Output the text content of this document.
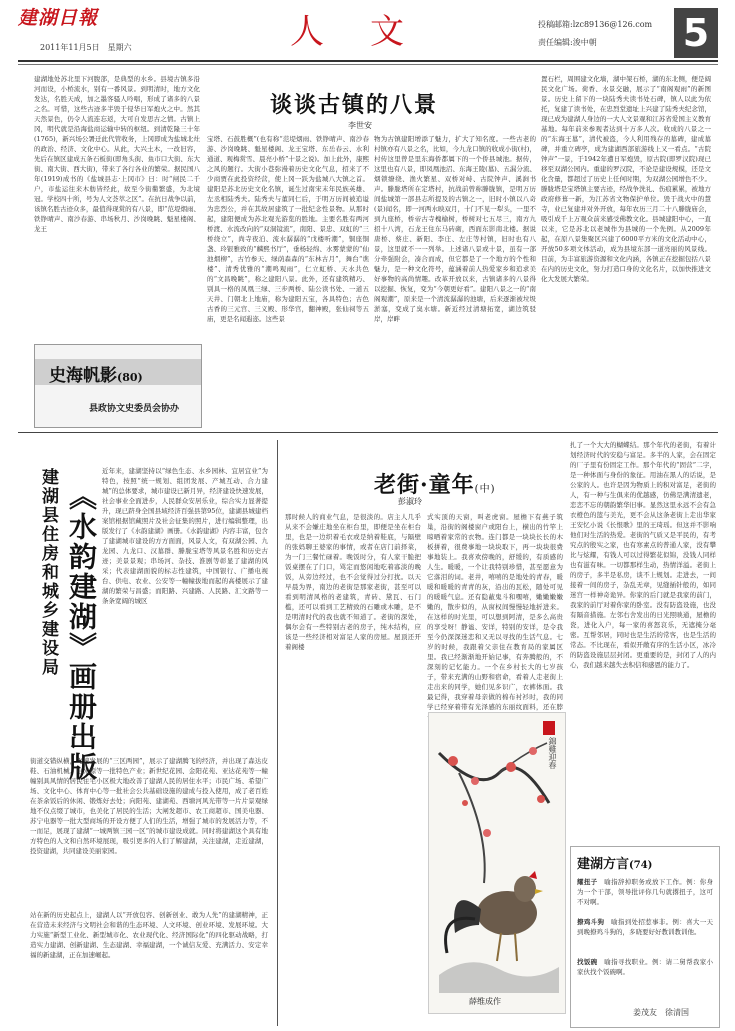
建湖日報
2011年11月5日　星期六	人　文	投稿邮箱:lzc89136@126.com
责任编辑:浚中朝 5
谈谈古镇的八景
李世安
建湖地处苏北里下河腹部，是典型的水乡。县境古镇多沿河而设，小桥流水，别有一番风景。到明清时，地方文化发达，名胜天成，加之墨客骚人吟唱，形成了诸多的八景之名。可惜，这些古迹多半毁于侵华日军炮火之中。然其天然景色，仍令人流连忘返，大可自发思古之情。古镇上冈，明代就是沿海盐商运输中转的枢纽。到清乾隆三十年(1765)，新兴场公署迁此代管收务，上冈即成为盐城北灶的政治、经济、文化中心。从此，大兴土木，一改旧容，先后在镇区建成五条石板街(即角头街、鱼市口大街、东大街、南大街、西大街)，带来了各行各业的繁荣。据民国八年(1919)成书的《盐城县志·上冈市》曰：时“闸民二千户，市盐运往来木舫皆经此，故至今街衢繁盛，为北境冠。学校四十所，号为人文荟萃之区”。在抗日战争以前，该镇名胜古迹众多，最值得现赏的有八景，即“范堤烟雨、铁铮晴声、南沙春游、串场秋月、沙岗晚眺、魁星楼阁、龙王
宝塔、石鼓胜概”(也有称“范堤烟雨、铁铮晴声、南沙春游、沙岗晚眺、魁星楼阁、龙王宝塔、东岳春云、水利通道、观梅赏雪、晨亮小桥”十景之说)。加上此外，康熙之风的题行。大街小巷弥漫着历史文化气息，招来了不少商贾在此投资经营，使上冈一跃为盐城八大镇之首。建阳是苏北历史文化名镇，诞生过南宋末年民族英雄、左丞相陆秀夫。陆秀夫与董同仁后，于明万历间被追谥为忠烈公，并在其故居建筑了一批纪念性景物。从那时起，建阳便成为苏北观光游览的胜地。主要名胜有两河桥渡、水流改向的“双洞镜流”，南阳、景忠、双虹的“三桥绕立”，尚寺夜泊、流水潺潺的“戊楼听潮”，铜座铜盏、玲银雅致的“麟熙书厅”，垂杨轻绵、水雾蒙蒙的“仙池烟柳”，古竹参天、绿荫森森的“东林古月”，舞台“谯楼”、清秀优雅的“潮鸣观雨”，仁立虹桥、天水共色的“文昌晚眺”，称之建阳八景。此外，还有建筑精巧、别具一格的凤凰三绿、三步两桥、陆公读书处、一道五天井、门朝北上地庙，称为建阳五宝，各具特色；古色古香的三元宫、三义殿、形华宫，翻神殿，张仙祠等五庙，更是名闻遐迩。这些景
物为古镇建阳增添了魅力，扩大了知名度。一些古老的村镇亦有八景之名，比如，今九龙口镇的收成小街(村)，村传这里曾是里东海侨都属下的一个侨县城池。据传，这里也有八景，即凤凰池沼、东海王陵(墓)、五漏分流、烟锁缭绕、渔火繁星、双桥对峙、古院钟声、溪涧书声。滕胧塔所在定塔村，抗战前曾称滕胧镇，是明万历间盐城第一部县志所提及的古镇之一，旧时小镇以八奇(景)闻名，即一河两水映双月，十门不见一犁头，一里不到九座桥，桥帝古寺槐榆树，桥树对七五尽三，南方九招十八湾，石龙王住东马砖砌，西面东影南北楼。据说唐桥、蔡庄、新阳、李庄、左庄等村镇，旧时也有八景，这里就不一一列举。上述诸八景或十景，虽有一部分牵强附会，凑合而成，但它都是了一个地方的个性和魅力，是一种文化符号，蕴涵着前人热爱家乡和追求美好事物的高尚情趣。改革开放以来，古镇诸多的八景得以挖掘、恢复，变为“今朝更好看”。建阳八景之一的“南阁观潮”，原来是一个清流潺潺的池塘，后来逐渐被垃圾淤塞，变成了臭水塘。新近经过清塘拓宽，湖边筑驳岸，岸畔
置石栏，周围建文化墙，湖中架石桥，湖的东北侧，便是阔民文化广场。荷香、水景交融，展示了“南阁观雨”的新图景。历史上留下的一块陆秀夫读书处石碑，镇人以此为依托，复建了读书处，在忠烈堂遗址上兴建了陆秀夫纪念馆，现已成为建湖人身边的一大人文景观和江苏省爱国主义教育基地。每年前来参观者达到十万多人次。收成的八景之一的“东海王墓”，清代被盗，今人利用残存的墓碑，建成墓碑，并重立碑亭，成为建湖西部旅游线上又一看点。“古院钟声”一景，于1942年遭日军炮毁，原古院(即罗汉院)现已移至双湖公园内。重建的罗汉院，不论是建设规模，还是文化含量，都超过了历史上任何时期，为双湖公园增色不少。滕胧塔是宝塔镇主要古迹，经战争洗礼、伤痕累累，被地方政府修葺一新，为江苏省文物保护单位。毁于战火中的慧寺，业已复建并对外开放，每年农历三月二十八滕胧庙会，吸引成千上万观众前来感受佛教文化。县城建阳中心，一直以来，它是苏北以老城作为县城的一个先例。从2009年起，在原八景集聚区兴建了6000平方米的文化活动中心，开放50多项文体活动，成为县境东部一道亮丽的风景线。目前，为丰富旅游资源和文化内涵，各镇正在挖掘包括八景在内的历史文化，努力打造口身的文化名片，以加快推进文化大发展大繁荣。
史海帆影(80)
县政协文史委员会协办
《水韵建湖》画册出版
建湖县住房和城乡建设局	近年来，建湖坚持以“绿色生态、水乡园林、宜居宜业”为特色，按照“统一规划、组团发展、产城互动、合力建城”的总体要求，城市建设已新月异，经济建设快速发展，社会事业全面进步，人民群众安居乐业，综合实力显著提升，现已跻身全国县域经济百强县第95位，建湖县城建档案馆根据馆藏照片及社会征集的照片，进行编辑整理，出版发行了《水韵建湖》画册。《水韵建湖》内容丰富，包含了建湖城市建设的方方面面，风景人文，有双湖公园、九龙园、九龙口、汉墓群、滕胧宝塔等风景名胜和历史古迹；美景景观；串场河、杂技、淮剧等彰显了建湖的风采；代表建湖面貌的标志性建筑，中国银行、广播电视台、供电、农业、公安等一幢幢拔地而起的高楼展示了建湖的繁荣与昌盛；而阳路、兴建路、人民路、汇文路等一条条宽阔的城区
街道交错纵横，飞速发展的“三区两园”，展示了建湖腾飞的经济，并出现了森达皮鞋、石油机械、电光源等一批特色产业；新世纪花园、金阳花苑、亚达花苑等一幢幢别具风情的居民住宅小区极大地改善了建湖人民的居住水平；市民广场、希望广场、文化中心、体育中心等一批社会公共基础设施的建成与投入使用，成了老百姓在茶余饭后的休闲、锻炼好去处；向阳苑、建湖苑、西塘河风光带等一片片景观绿地不仅点缀了城市，也美化了居民的生活；大闸发超市、农工商超市、国美电器、苏宁电器等一批大型商场的开设方便了人们的生活，增强了城市的发展活力等，不一而足，展现了建湖“一城两镇三园一区”的城市建设成就。同时将建湖这个具有地方特色的人文和自然环境展现，吸引更多的人们了解建湖，关注建湖，走近建湖，投资建湖，共同建设美丽家园。
站在新的历史起点上，建湖人以“开放包容、创新创业、敢为人先”的建湖精神，正在营造未来经济与文明社会和谐的生态环境、人文环境、创业环境、发展环境。大力实施“新型工业化、新型城市化、农业现代化、经济国际化”的四化驱动战略，打造实力建湖、创新建湖、生态建湖、幸福建湖，一个诚信友爱、充满活力、安定幸福的新建湖，正在加速崛起。
老街·童年(中)
彭淑玲
那时候人的商业气息，是很淡的。店主人几乎从来不会嫌庄地坐在柜台里，即便是坐在柜台里，也是一边织着毛衣或是纳着鞋底，与隔壁的张妈聊王婆家的事情，或者在店门前择菜，为一门三餐忙碌着。晚饭时分，有人家干脆把饭桌摆在了门口，骂定而悠闲地吃着寡淡的晚饭，从旁边经过，也不会觉得过分打扰。以天早晨为界，南边的老街是那家老街，甚至可以看到明清风格的老建筑，青砖、黛瓦、石门槛，还可以看到工艺精致的石雕或木雕，是不是明清时代的我也就不知道了。老街的深处，偶尔会有一些特别古老的房子，纯木结构，应该是一些经济相对富足人家的房屋。屋顶还开着阁楼
式实顶的天窗，叫老虎窗。屋檐下有燕子筑巢，沿街的阁楼窗户或阳台上，横出的竹竿上晾晒着家常的衣物。连门都是一块块长长的木板拼着，很费事地一块块取下，再一块块很费事地装上。我喜欢傍晚的，舒缓的，有质感的人生。暖暖，一个让我特别珍惜，甚至愿意为它落泪的词。老井，嘻嘻的是地处的青春，暖暖和暖暖的青青的灰，沿出的瓦松，随处可见的暖暖气息。还有隐蔽鬼斗和嘿嘻，嫩嫩嫩嫩嫩的，散步似的，从窗权间慢慢轻地折进来。在这样的时光里，可以想到阿清，是多么高贵的享受呀！静谧、安详，特别的安详，是令我至今仍深深迷恋和又无以寻找的生活气息。七岁的时候，我跟着父亲住在教育局的家属区里。我已经渐渐地开始记事，有奔腾般的，不深刻的记忆能力。一个在乡村长大的七岁孩子，带来充满的山野和宿命，看着人走老街上走出来的同学，她们见多识广，衣裤体面。我最记得，我穿着母亲做的棉布衬衫时，我的同学已经穿着带有光泽感的东丽纹面料，还在脖
扎了一个大大的蝴蝶结。那个年代的老街，有着计划经济时代的安稳与富足。多半的人家，会在固定的厂子里有份固定工作。那个年代的“固营”二字，是一种体面与身份的象征。用油在黑人的话说，是公家的人。也许是因为物质上的积对富足，老街的人，有一种与生俱来的优越感，仿佛是满清遗老，恋恋不忘的朝韵繁华旧事。显然这里永远不会有急衣橙色的篮与美光，更不会从这条老街上走出华家王安忆小说《长恨歌》里的王琦瑶。但这并不影响他们对生活的热爱。老街的气质又是平民的，有考究点的殷实之家，也有寒素点的普通人家，没有攀比与炫耀，有钱人可以过得繁花似锦，没钱人同样也有滋有味。一切都那样生动，热情洋溢。老街上的房子，多半是私房，谈不上规划。走进去，一间接着一间的房子，杂乱无章，见缝插针般的，如同迷宫一样神奇诡异。你家的后门就是我家的前门，我家的前厅对着你家的卧室。没有防盗设施，也没有隔音措施。左邻右舍发出的日光照映通，屋檐的瓷，进化入户，每一家的喜怒哀乐，无遮掩分毫密。互帮邻居，同时也是生活的常客，也是生活的常态。不比现在，看似开敞有序的生活小区，冰冷的防盗设施层层封闭。更重要的是，封闭了人的内心，我们越来越失去积信和感恩的能力了。
錦雞迎春
薛维成作
建湖方言(74)
耀扭子　 喻指辞掉职务或放下工作。例：你身为一个干部，领导批评你几句就撂扭子，这可不对啊。
撩鸡斗狗　 喻指到处招惹事非。例：喜大一天到晚撩鸡斗狗的，多晓要好好教训教训他。
找饭碗　 喻指寻找职业。例：请二舅帮我家小家伙找个饭碗啊。
姜茂友　徐清国
